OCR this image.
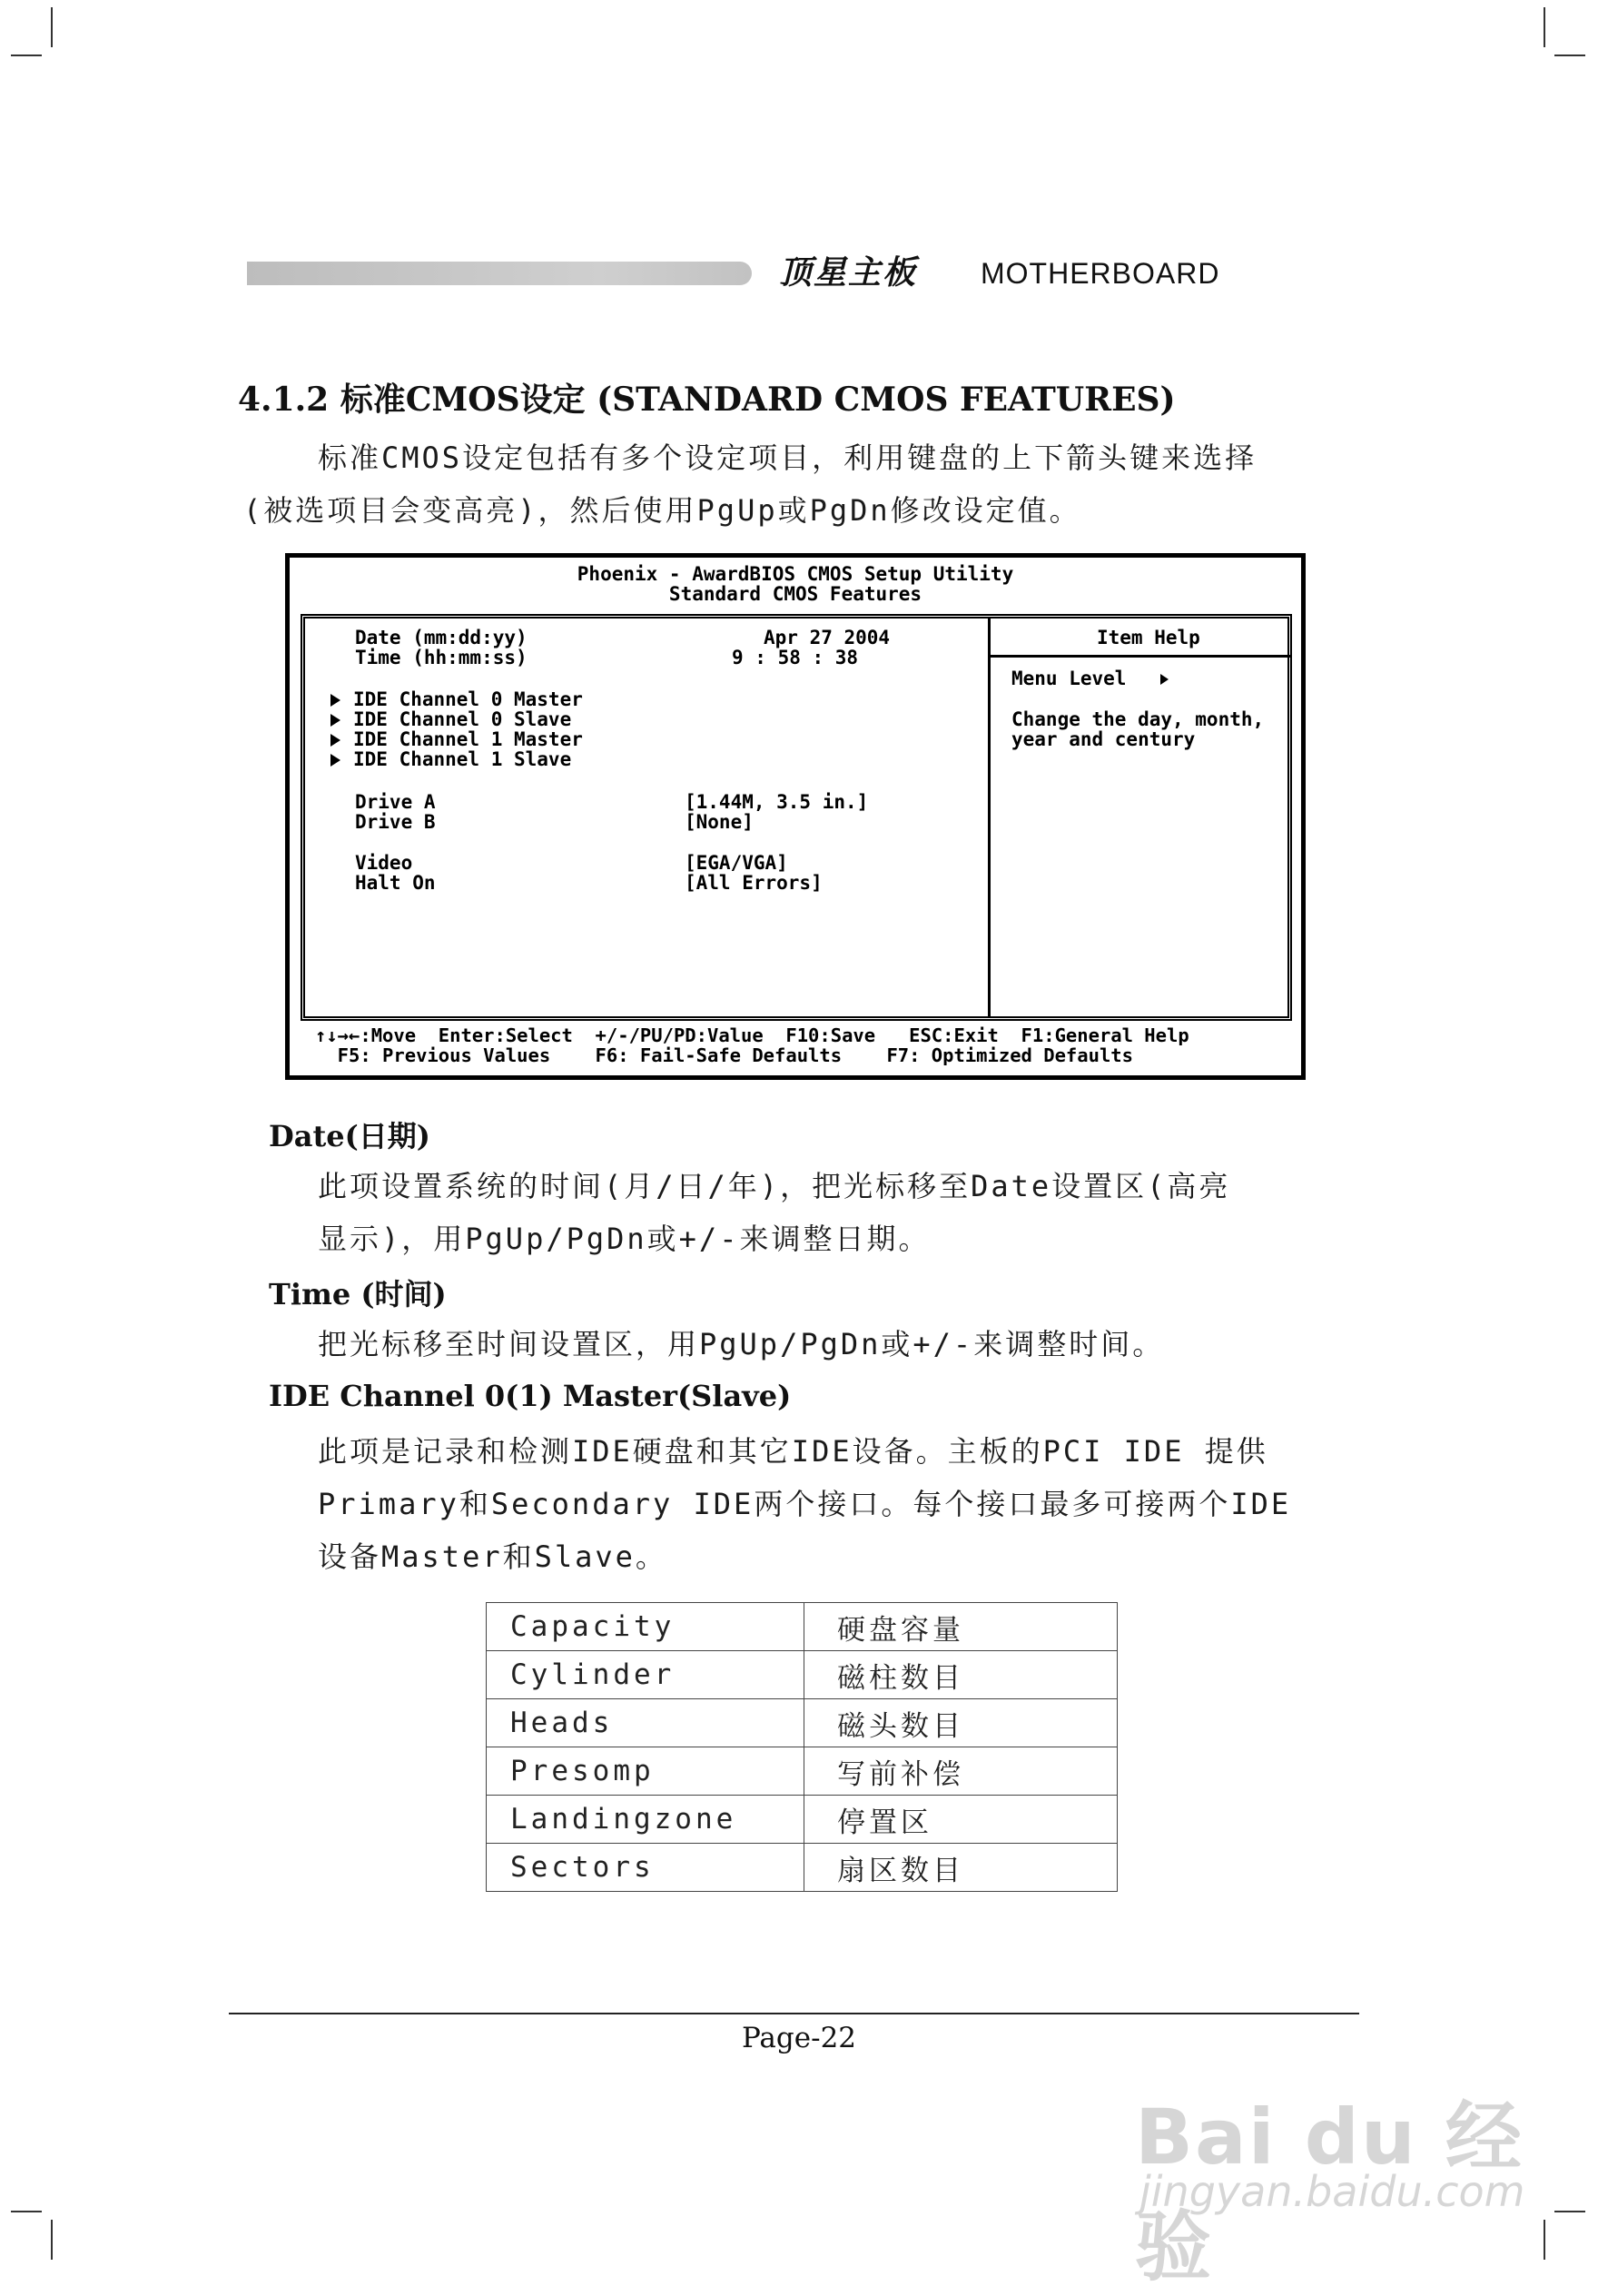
顶星主板 MOTHERBOARD
4.1.2 标准CMOS设定 (STANDARD CMOS FEATURES)
标准CMOS设定包括有多个设定项目，利用键盘的上下箭头键来选择
(被选项目会变高亮)，然后使用PgUp或PgDn修改设定值。
Phoenix - AwardBIOS CMOS Setup Utility
Standard CMOS Features
Date (mm:dd:yy)	Apr 27 2004
Time (hh:mm:ss)	9 : 58 : 38
IDE Channel 0 Master
IDE Channel 0 Slave
IDE Channel 1 Master
IDE Channel 1 Slave
Drive A	[1.44M, 3.5 in.]
Drive B	[None]
Video	[EGA/VGA]
Halt On	[All Errors]
Item Help
Menu Level
Change the day, month,
year and century
↑↓→←:Move  Enter:Select  +/-/PU/PD:Value  F10:Save   ESC:Exit  F1:General Help
F5: Previous Values    F6: Fail-Safe Defaults    F7: Optimized Defaults
Date(日期)
此项设置系统的时间(月/日/年)，把光标移至Date设置区(高亮
显示)，用PgUp/PgDn或+/-来调整日期。
Time (时间)
把光标移至时间设置区，用PgUp/PgDn或+/-来调整时间。
IDE Channel 0(1) Master(Slave)
此项是记录和检测IDE硬盘和其它IDE设备。主板的PCI IDE 提供
Primary和Secondary IDE两个接口。每个接口最多可接两个IDE
设备Master和Slave。
Capacity	硬盘容量
Cylinder	磁柱数目
Heads	磁头数目
Presomp	写前补偿
Landingzone	停置区
Sectors	扇区数目
Page-22
Bai du 经验
jingyan.baidu.com
